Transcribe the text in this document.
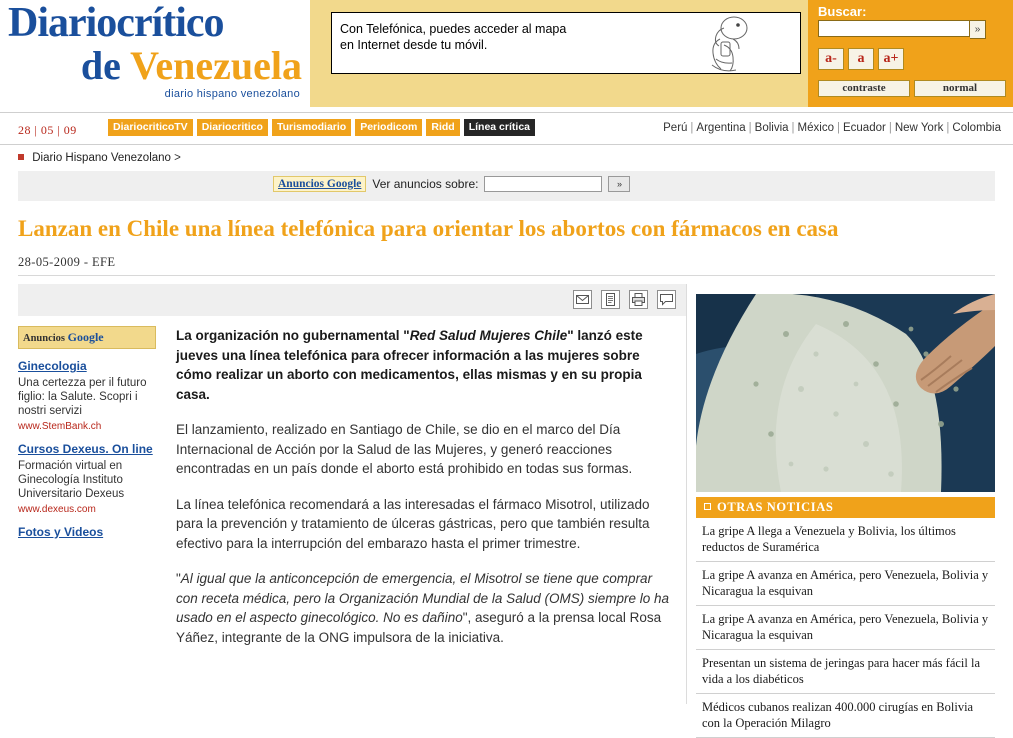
Diariocrítico
de Venezuela
diario hispano venezolano
Con Telefónica, puedes acceder al mapa en Internet desde tu móvil.
Buscar:
»
a-	a	a+
contraste	normal
28 | 05 | 09	DiariocriticoTV	Diariocritico	Turismodiario	Periodicom	Ridd	Línea crítica	Perú | Argentina | Bolivia | México | Ecuador | New York | Colombia
Diario Hispano Venezolano >
Anuncios Google Ver anuncios sobre:	»
Lanzan en Chile una línea telefónica para orientar los abortos con fármacos en casa
28-05-2009 - EFE
Anuncios Google
Ginecologia
Una certezza per il futuro figlio: la Salute. Scopri i nostri servizi
www.StemBank.ch
Cursos Dexeus. On line
Formación virtual en Ginecología Instituto Universitario Dexeus
www.dexeus.com
Fotos y Videos

La organización no gubernamental "Red Salud Mujeres Chile" lanzó este jueves una línea telefónica para ofrecer información a las mujeres sobre cómo realizar un aborto con medicamentos, ellas mismas y en su propia casa.

El lanzamiento, realizado en Santiago de Chile, se dio en el marco del Día Internacional de Acción por la Salud de las Mujeres, y generó reacciones encontradas en un país donde el aborto está prohibido en todas sus formas.

La línea telefónica recomendará a las interesadas el fármaco Misotrol, utilizado para la prevención y tratamiento de úlceras gástricas, pero que también resulta efectivo para la interrupción del embarazo hasta el primer trimestre.

"Al igual que la anticoncepción de emergencia, el Misotrol se tiene que comprar con receta médica, pero la Organización Mundial de la Salud (OMS) siempre lo ha usado en el aspecto ginecológico. No es dañino", aseguró a la prensa local Rosa Yáñez, integrante de la ONG impulsora de la iniciativa.

OTRAS NOTICIAS
La gripe A llega a Venezuela y Bolivia, los últimos reductos de Suramérica
La gripe A avanza en América, pero Venezuela, Bolivia y Nicaragua la esquivan
La gripe A avanza en América, pero Venezuela, Bolivia y Nicaragua la esquivan
Presentan un sistema de jeringas para hacer más fácil la vida a los diabéticos
Médicos cubanos realizan 400.000 cirugías en Bolivia con la Operación Milagro
